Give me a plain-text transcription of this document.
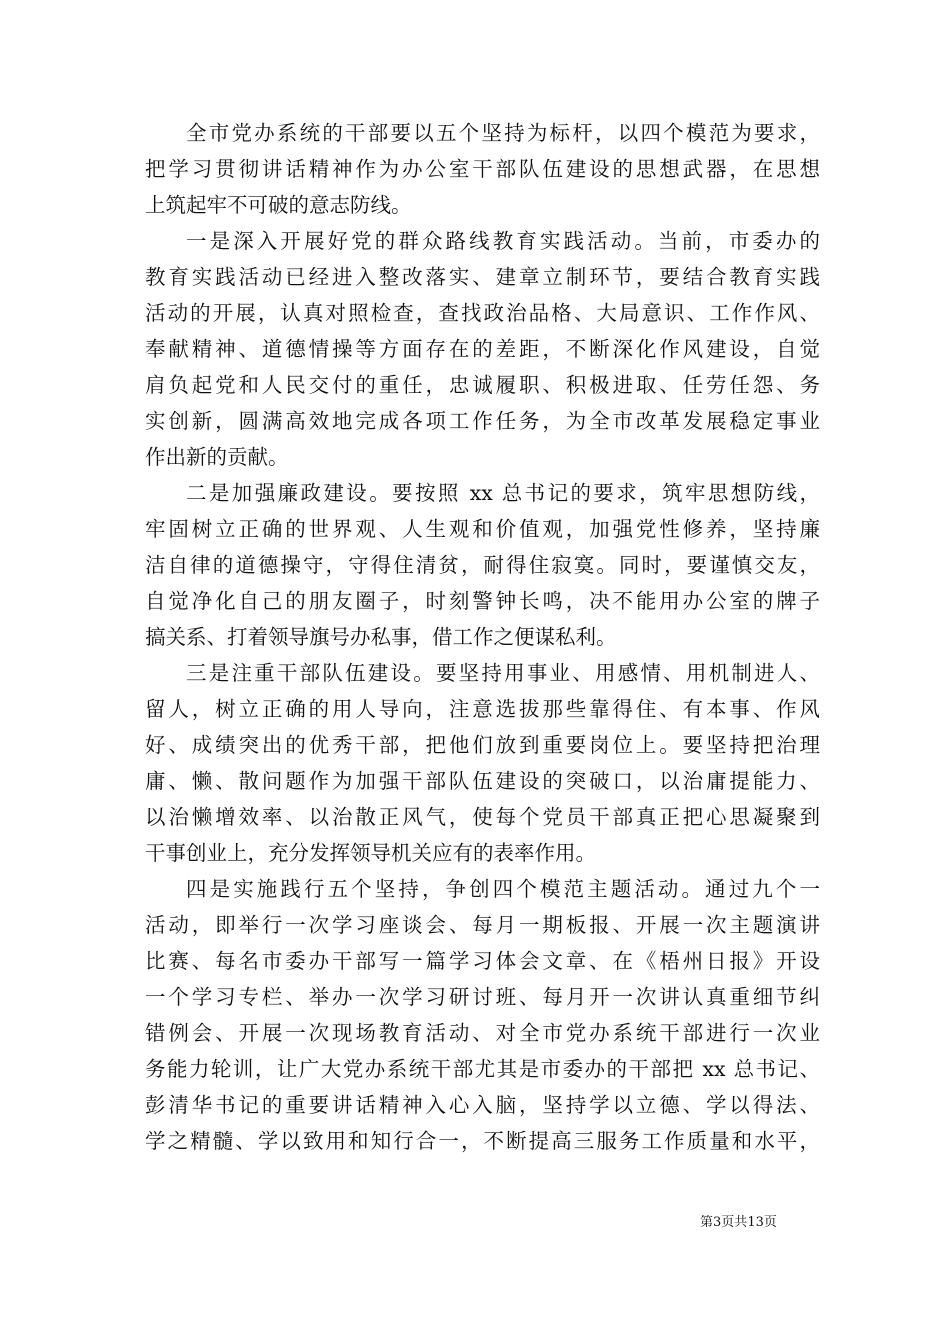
全市党办系统的干部要以五个坚持为标杆，以四个模范为要求，
把学习贯彻讲话精神作为办公室干部队伍建设的思想武器，在思想
上筑起牢不可破的意志防线。
一是深入开展好党的群众路线教育实践活动。当前，市委办的
教育实践活动已经进入整改落实、建章立制环节，要结合教育实践
活动的开展，认真对照检查，查找政治品格、大局意识、工作作风、
奉献精神、道德情操等方面存在的差距，不断深化作风建设，自觉
肩负起党和人民交付的重任，忠诚履职、积极进取、任劳任怨、务
实创新，圆满高效地完成各项工作任务，为全市改革发展稳定事业
作出新的贡献。
二是加强廉政建设。要按照 xx 总书记的要求，筑牢思想防线，
牢固树立正确的世界观、人生观和价值观，加强党性修养，坚持廉
洁自律的道德操守，守得住清贫，耐得住寂寞。同时，要谨慎交友，
自觉净化自己的朋友圈子，时刻警钟长鸣，决不能用办公室的牌子
搞关系、打着领导旗号办私事，借工作之便谋私利。
三是注重干部队伍建设。要坚持用事业、用感情、用机制进人、
留人，树立正确的用人导向，注意选拔那些靠得住、有本事、作风
好、成绩突出的优秀干部，把他们放到重要岗位上。要坚持把治理
庸、懒、散问题作为加强干部队伍建设的突破口，以治庸提能力、
以治懒增效率、以治散正风气，使每个党员干部真正把心思凝聚到
干事创业上，充分发挥领导机关应有的表率作用。
四是实施践行五个坚持，争创四个模范主题活动。通过九个一
活动，即举行一次学习座谈会、每月一期板报、开展一次主题演讲
比赛、每名市委办干部写一篇学习体会文章、在《梧州日报》开设
一个学习专栏、举办一次学习研讨班、每月开一次讲认真重细节纠
错例会、开展一次现场教育活动、对全市党办系统干部进行一次业
务能力轮训，让广大党办系统干部尤其是市委办的干部把 xx 总书记、
彭清华书记的重要讲话精神入心入脑，坚持学以立德、学以得法、
学之精髓、学以致用和知行合一，不断提高三服务工作质量和水平，
第3页共13页
